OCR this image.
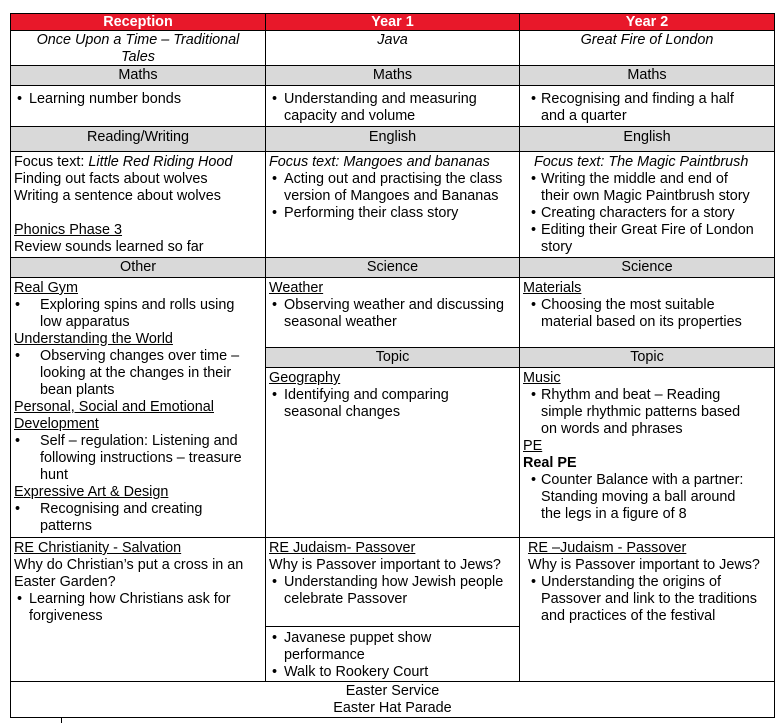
Reception	Year 1	Year 2
Once Upon a Time – Traditional
Tales
Java	Great Fire of London
Maths	Maths	Maths
• Learning number bonds
•	Understanding and measuring
capacity and volume
• Recognising and finding a half
and a quarter
Reading/Writing	English	English
Focus text: Little Red Riding Hood
Finding out facts about wolves
Writing a sentence about wolves
Phonics Phase 3
Review sounds learned so far
Focus text: Mangoes and bananas
• Acting out and practising the class
version of Mangoes and Bananas
• Performing their class story
Focus text: The Magic Paintbrush
• Writing the middle and end of
their own Magic Paintbrush story
• Creating characters for a story
• Editing their Great Fire of London
story
Other	Science	Science
Real Gym
• Exploring spins and rolls using
low apparatus
Understanding the World
• Observing changes over time –
looking at the changes in their
bean plants
Personal, Social and Emotional
Development
• Self – regulation: Listening and
following instructions – treasure
hunt
Expressive Art & Design
• Recognising and creating
patterns
Weather
• Observing weather and discussing
seasonal weather
Materials
• Choosing the most suitable
material based on its properties
Topic	Topic
Geography
• Identifying and comparing
seasonal changes
Music
• Rhythm and beat – Reading
simple rhythmic patterns based
on words and phrases
PE
Real PE
• Counter Balance with a partner:
Standing moving a ball around
the legs in a figure of 8
RE Christianity - Salvation
Why do Christian’s put a cross in an
Easter Garden?
• Learning how Christians ask for
forgiveness
RE Judaism- Passover
Why is Passover important to Jews?
• Understanding how Jewish people
celebrate Passover
• Javanese puppet show
performance
• Walk to Rookery Court
RE –Judaism - Passover
Why is Passover important to Jews?
• Understanding the origins of
Passover and link to the traditions
and practices of the festival
Easter Service
Easter Hat Parade
